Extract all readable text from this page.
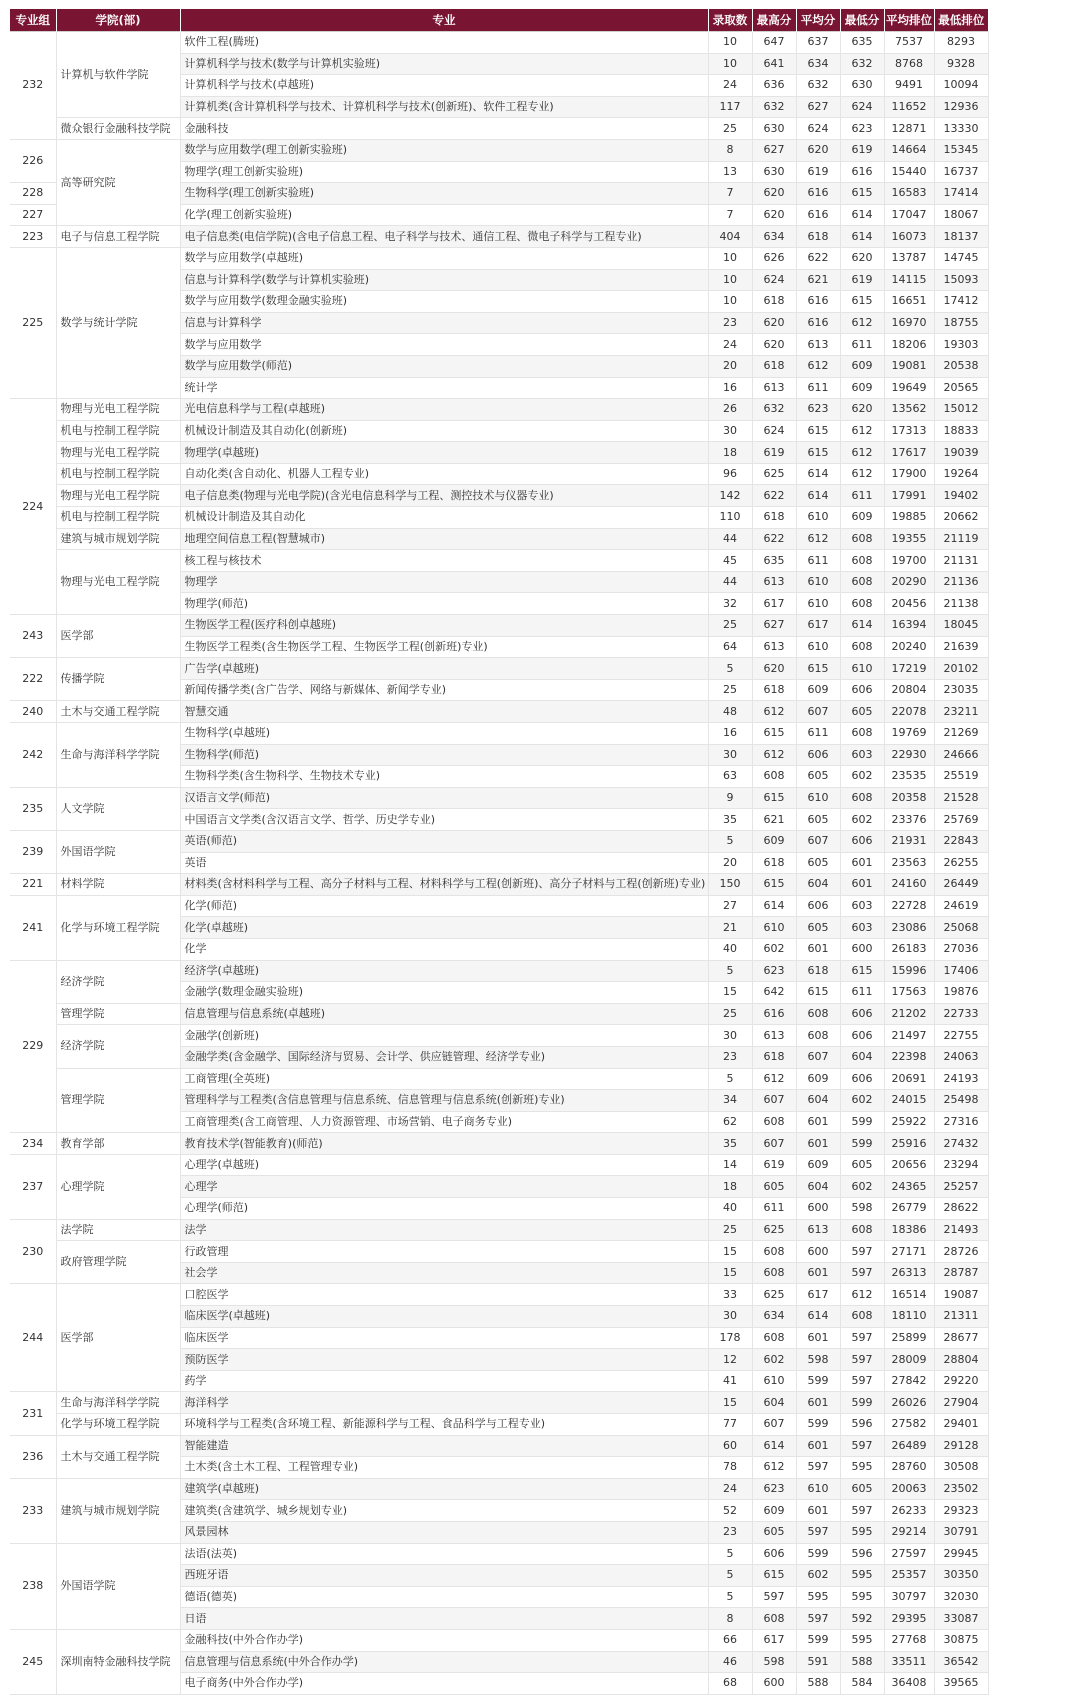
专业组	学院(部)	专业	录取数	最高分	平均分	最低分	平均排位	最低排位
232	计算机与软件学院	软件工程(腾班)	10	647	637	635	7537	8293
		计算机科学与技术(数学与计算机实验班)	10	641	634	632	8768	9328
		计算机科学与技术(卓越班)	24	636	632	630	9491	10094
		计算机类(含计算机科学与技术、计算机科学与技术(创新班)、软件工程专业)	117	632	627	624	11652	12936
	微众银行金融科技学院	金融科技	25	630	624	623	12871	13330
226	高等研究院	数学与应用数学(理工创新实验班)	8	627	620	619	14664	15345
		物理学(理工创新实验班)	13	630	619	616	15440	16737
228		生物科学(理工创新实验班)	7	620	616	615	16583	17414
227		化学(理工创新实验班)	7	620	616	614	17047	18067
223	电子与信息工程学院	电子信息类(电信学院)(含电子信息工程、电子科学与技术、通信工程、微电子科学与工程专业)	404	634	618	614	16073	18137
225	数学与统计学院	数学与应用数学(卓越班)	10	626	622	620	13787	14745
		信息与计算科学(数学与计算机实验班)	10	624	621	619	14115	15093
		数学与应用数学(数理金融实验班)	10	618	616	615	16651	17412
		信息与计算科学	23	620	616	612	16970	18755
		数学与应用数学	24	620	613	611	18206	19303
		数学与应用数学(师范)	20	618	612	609	19081	20538
		统计学	16	613	611	609	19649	20565
224	物理与光电工程学院	光电信息科学与工程(卓越班)	26	632	623	620	13562	15012
	机电与控制工程学院	机械设计制造及其自动化(创新班)	30	624	615	612	17313	18833
	物理与光电工程学院	物理学(卓越班)	18	619	615	612	17617	19039
	机电与控制工程学院	自动化类(含自动化、机器人工程专业)	96	625	614	612	17900	19264
	物理与光电工程学院	电子信息类(物理与光电学院)(含光电信息科学与工程、测控技术与仪器专业)	142	622	614	611	17991	19402
	机电与控制工程学院	机械设计制造及其自动化	110	618	610	609	19885	20662
	建筑与城市规划学院	地理空间信息工程(智慧城市)	44	622	612	608	19355	21119
	物理与光电工程学院	核工程与核技术	45	635	611	608	19700	21131
		物理学	44	613	610	608	20290	21136
		物理学(师范)	32	617	610	608	20456	21138
243	医学部	生物医学工程(医疗科创卓越班)	25	627	617	614	16394	18045
		生物医学工程类(含生物医学工程、生物医学工程(创新班)专业)	64	613	610	608	20240	21639
222	传播学院	广告学(卓越班)	5	620	615	610	17219	20102
		新闻传播学类(含广告学、网络与新媒体、新闻学专业)	25	618	609	606	20804	23035
240	土木与交通工程学院	智慧交通	48	612	607	605	22078	23211
242	生命与海洋科学学院	生物科学(卓越班)	16	615	611	608	19769	21269
		生物科学(师范)	30	612	606	603	22930	24666
		生物科学类(含生物科学、生物技术专业)	63	608	605	602	23535	25519
235	人文学院	汉语言文学(师范)	9	615	610	608	20358	21528
		中国语言文学类(含汉语言文学、哲学、历史学专业)	35	621	605	602	23376	25769
239	外国语学院	英语(师范)	5	609	607	606	21931	22843
		英语	20	618	605	601	23563	26255
221	材料学院	材料类(含材料科学与工程、高分子材料与工程、材料科学与工程(创新班)、高分子材料与工程(创新班)专业)	150	615	604	601	24160	26449
241	化学与环境工程学院	化学(师范)	27	614	606	603	22728	24619
		化学(卓越班)	21	610	605	603	23086	25068
		化学	40	602	601	600	26183	27036
229	经济学院	经济学(卓越班)	5	623	618	615	15996	17406
		金融学(数理金融实验班)	15	642	615	611	17563	19876
	管理学院	信息管理与信息系统(卓越班)	25	616	608	606	21202	22733
	经济学院	金融学(创新班)	30	613	608	606	21497	22755
		金融学类(含金融学、国际经济与贸易、会计学、供应链管理、经济学专业)	23	618	607	604	22398	24063
	管理学院	工商管理(全英班)	5	612	609	606	20691	24193
		管理科学与工程类(含信息管理与信息系统、信息管理与信息系统(创新班)专业)	34	607	604	602	24015	25498
		工商管理类(含工商管理、人力资源管理、市场营销、电子商务专业)	62	608	601	599	25922	27316
234	教育学部	教育技术学(智能教育)(师范)	35	607	601	599	25916	27432
237	心理学院	心理学(卓越班)	14	619	609	605	20656	23294
		心理学	18	605	604	602	24365	25257
		心理学(师范)	40	611	600	598	26779	28622
230	法学院	法学	25	625	613	608	18386	21493
	政府管理学院	行政管理	15	608	600	597	27171	28726
		社会学	15	608	601	597	26313	28787
244	医学部	口腔医学	33	625	617	612	16514	19087
		临床医学(卓越班)	30	634	614	608	18110	21311
		临床医学	178	608	601	597	25899	28677
		预防医学	12	602	598	597	28009	28804
		药学	41	610	599	597	27842	29220
231	生命与海洋科学学院	海洋科学	15	604	601	599	26026	27904
	化学与环境工程学院	环境科学与工程类(含环境工程、新能源科学与工程、食品科学与工程专业)	77	607	599	596	27582	29401
236	土木与交通工程学院	智能建造	60	614	601	597	26489	29128
		土木类(含土木工程、工程管理专业)	78	612	597	595	28760	30508
233	建筑与城市规划学院	建筑学(卓越班)	24	623	610	605	20063	23502
		建筑类(含建筑学、城乡规划专业)	52	609	601	597	26233	29323
		风景园林	23	605	597	595	29214	30791
238	外国语学院	法语(法英)	5	606	599	596	27597	29945
		西班牙语	5	615	602	595	25357	30350
		德语(德英)	5	597	595	595	30797	32030
		日语	8	608	597	592	29395	33087
245	深圳南特金融科技学院	金融科技(中外合作办学)	66	617	599	595	27768	30875
		信息管理与信息系统(中外合作办学)	46	598	591	588	33511	36542
		电子商务(中外合作办学)	68	600	588	584	36408	39565
